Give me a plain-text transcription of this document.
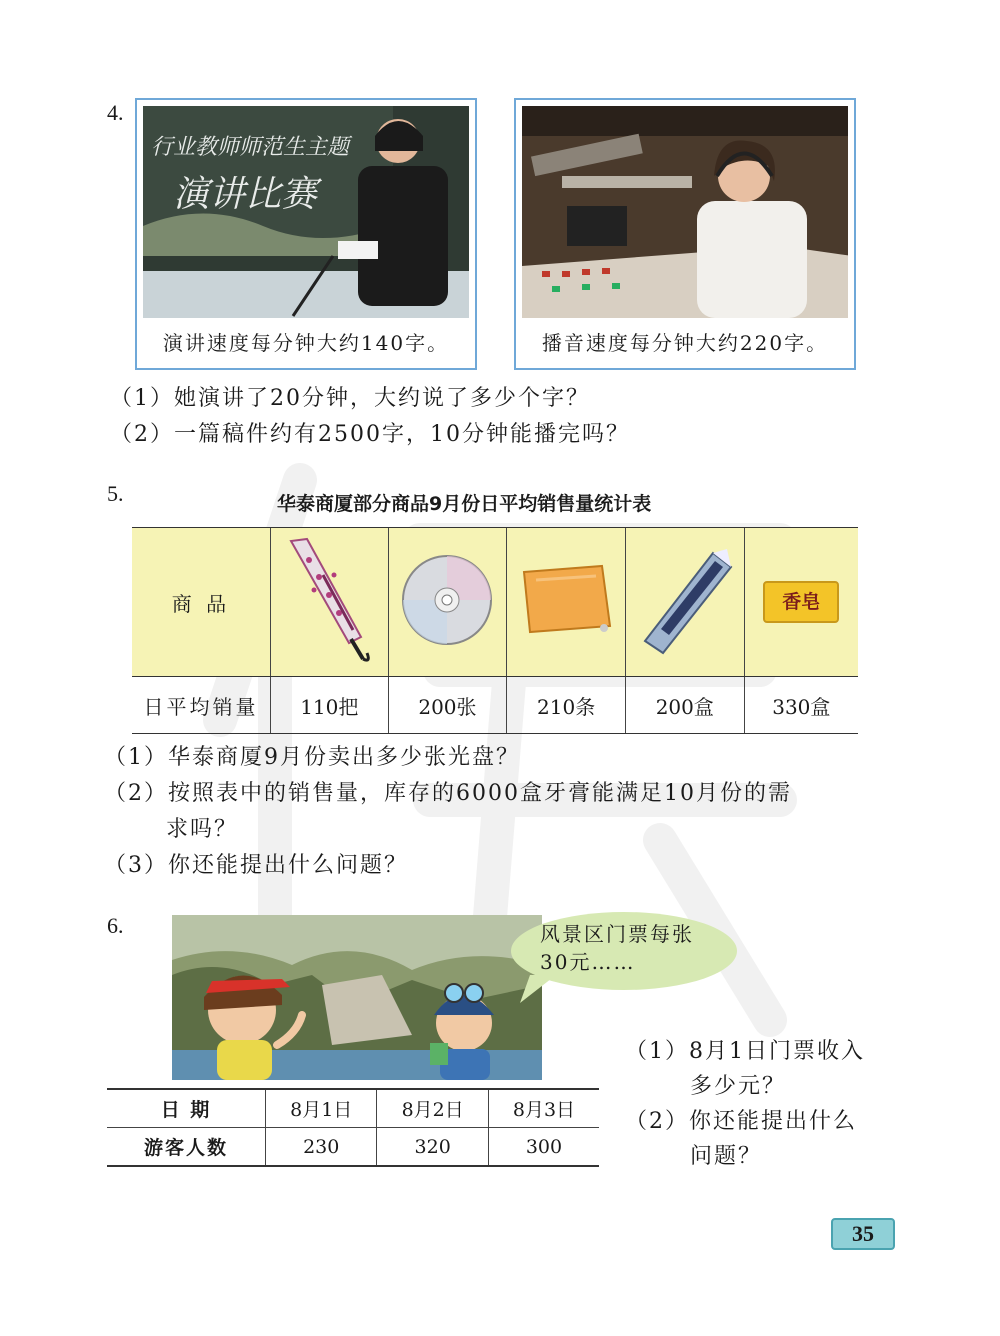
4.
行业教师师范生主题
演讲比赛
演讲速度每分钟大约140字。	播音速度每分钟大约220字。
（1）她演讲了20分钟，大约说了多少个字？
（2）一篇稿件约有2500字，10分钟能播完吗？
5.	华泰商厦部分商品9月份日平均销售量统计表
商 品					香皂
日平均销量	110把	200张	210条	200盒	330盒
（1）华泰商厦9月份卖出多少张光盘？
（2）按照表中的销售量，库存的6000盒牙膏能满足10月份的需
求吗？
（3）你还能提出什么问题？
6.	风景区门票每张
30元……
日 期	8月1日	8月2日	8月3日
游客人数	230	320	300
（1）8月1日门票收入
多少元？
（2）你还能提出什么
问题？
35
